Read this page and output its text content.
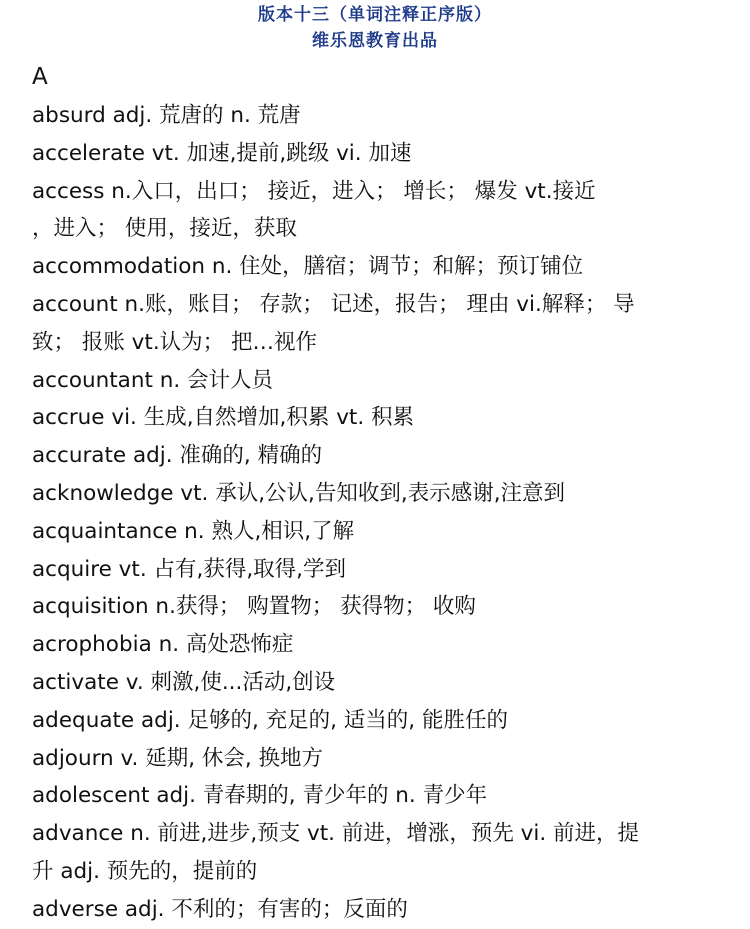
版本十三（单词注释正序版）
维乐恩教育出品
A
absurd adj. 荒唐的 n. 荒唐
accelerate vt. 加速,提前,跳级 vi. 加速
access n.入口，出口； 接近，进入； 增长； 爆发 vt.接近
，进入； 使用，接近，获取
accommodation n. 住处，膳宿；调节；和解；预订铺位
account n.账，账目； 存款； 记述，报告； 理由 vi.解释； 导
致； 报账 vt.认为； 把…视作
accountant n. 会计人员
accrue vi. 生成,自然增加,积累 vt. 积累
accurate adj. 准确的, 精确的
acknowledge vt. 承认,公认,告知收到,表示感谢,注意到
acquaintance n. 熟人,相识,了解
acquire vt. 占有,获得,取得,学到
acquisition n.获得； 购置物； 获得物； 收购
acrophobia n. 高处恐怖症
activate v. 刺激,使...活动,创设
adequate adj. 足够的, 充足的, 适当的, 能胜任的
adjourn v. 延期, 休会, 换地方
adolescent adj. 青春期的, 青少年的 n. 青少年
advance n. 前进,进步,预支 vt. 前进，增涨，预先 vi. 前进，提
升 adj. 预先的，提前的
adverse adj. 不利的；有害的；反面的
